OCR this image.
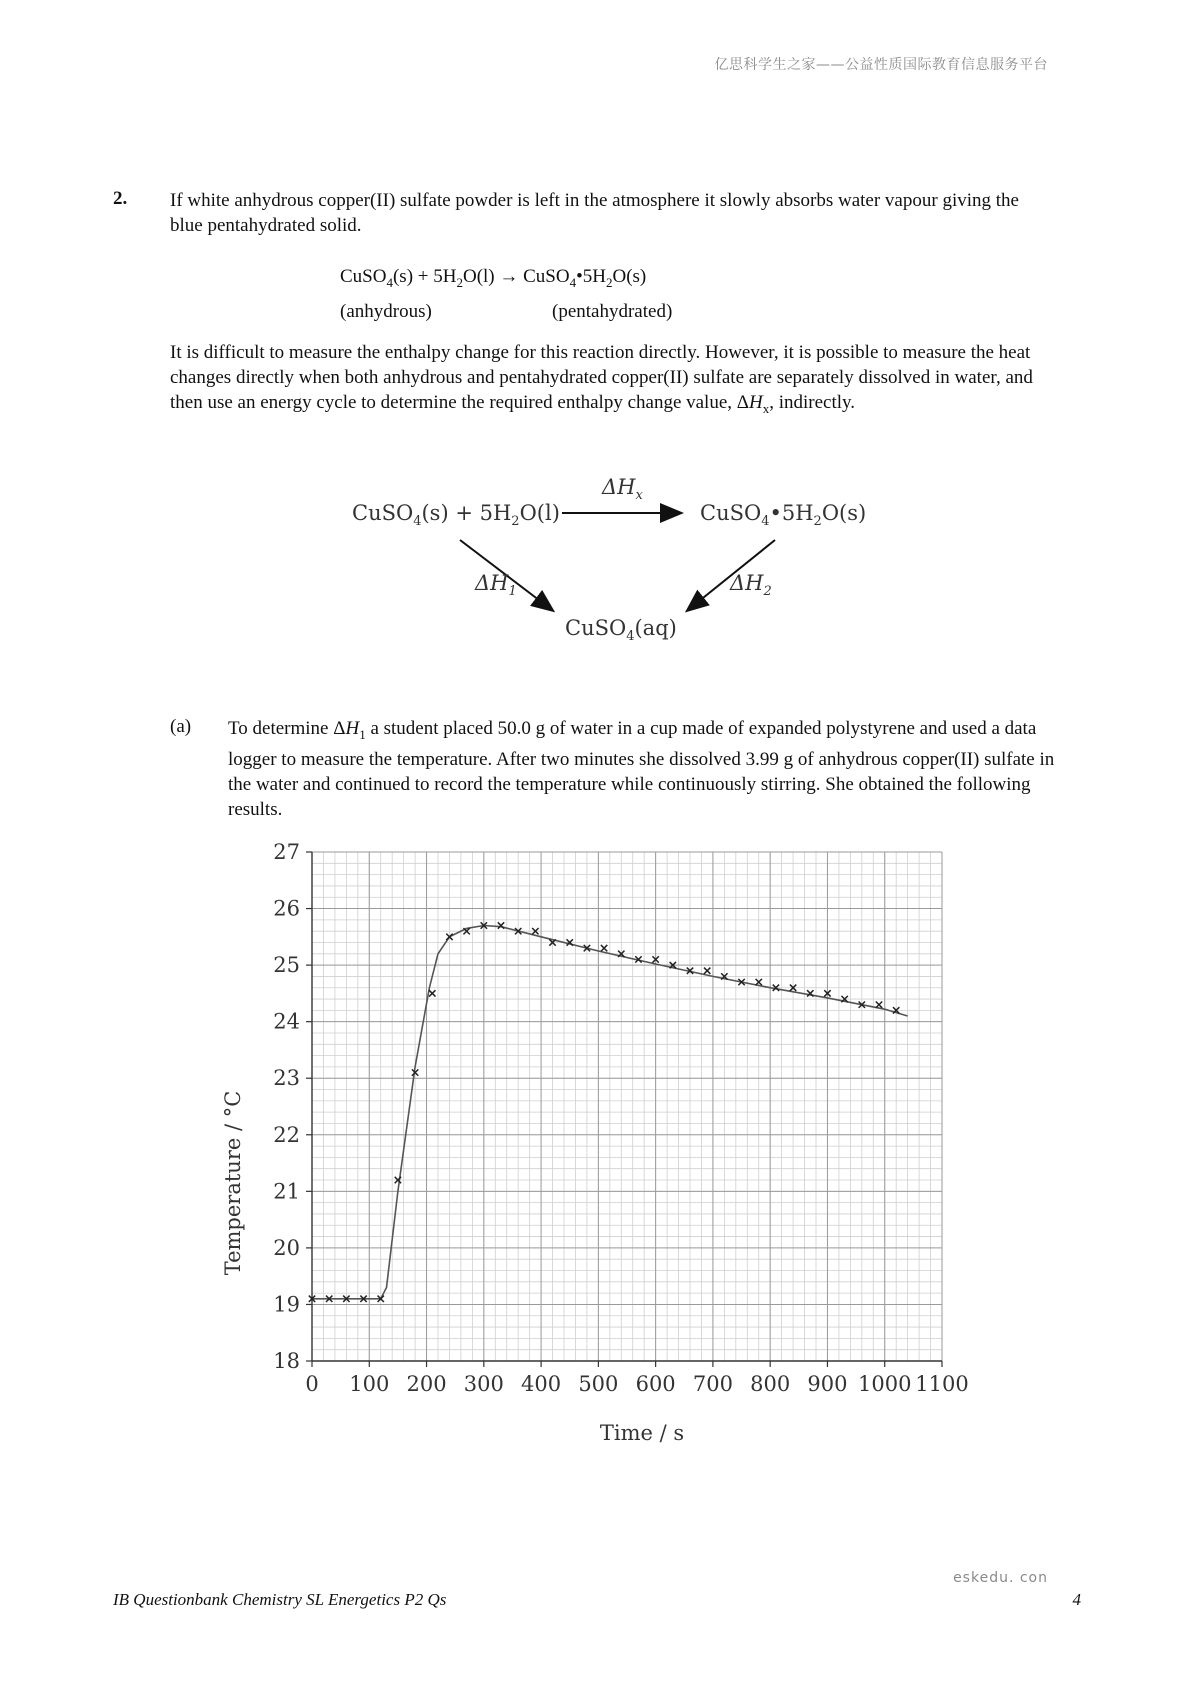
亿思科学生之家——公益性质国际教育信息服务平台
2. If white anhydrous copper(II) sulfate powder is left in the atmosphere it slowly absorbs water vapour giving the blue pentahydrated solid.
CuSO$_4$(s) + $5H_2O(l)$ → $CuSO_4•5H_2O(s)$
(anhydrous)	(pentahydrated)
It is difficult to measure the enthalpy change for this reaction directly. However, it is possible to measure the heat changes directly when both anhydrous and pentahydrated copper(II) sulfate are separately dissolved in water, and then use an energy cycle to determine the required enthalpy change value, $\Delta H_x$, indirectly.
CuSO$_4$(s) + $5H_2O(l)$	$CuSO_4•5H_2O(s)$
CuSO$_4$(aq)
$\Delta H_x$
$\Delta H_1$	$\Delta H_2$
(a) To determine $\Delta H_1$ a student placed 50.0 g of water in a cup made of expanded polystyrene and used a data logger to measure the temperature. After two minutes she dissolved 3.99 g of anhydrous copper(II) sulfate in the water and continued to record the temperature while continuously stirring. She obtained the following results.
0 100 200 300 400 500 600 700 800 900 1000 1100
18
19
20
21
22
23
24
25
26
27
Time / s
Temperature / °C
eskedu. con
IB Questionbank Chemistry SL Energetics P2 Qs	4
